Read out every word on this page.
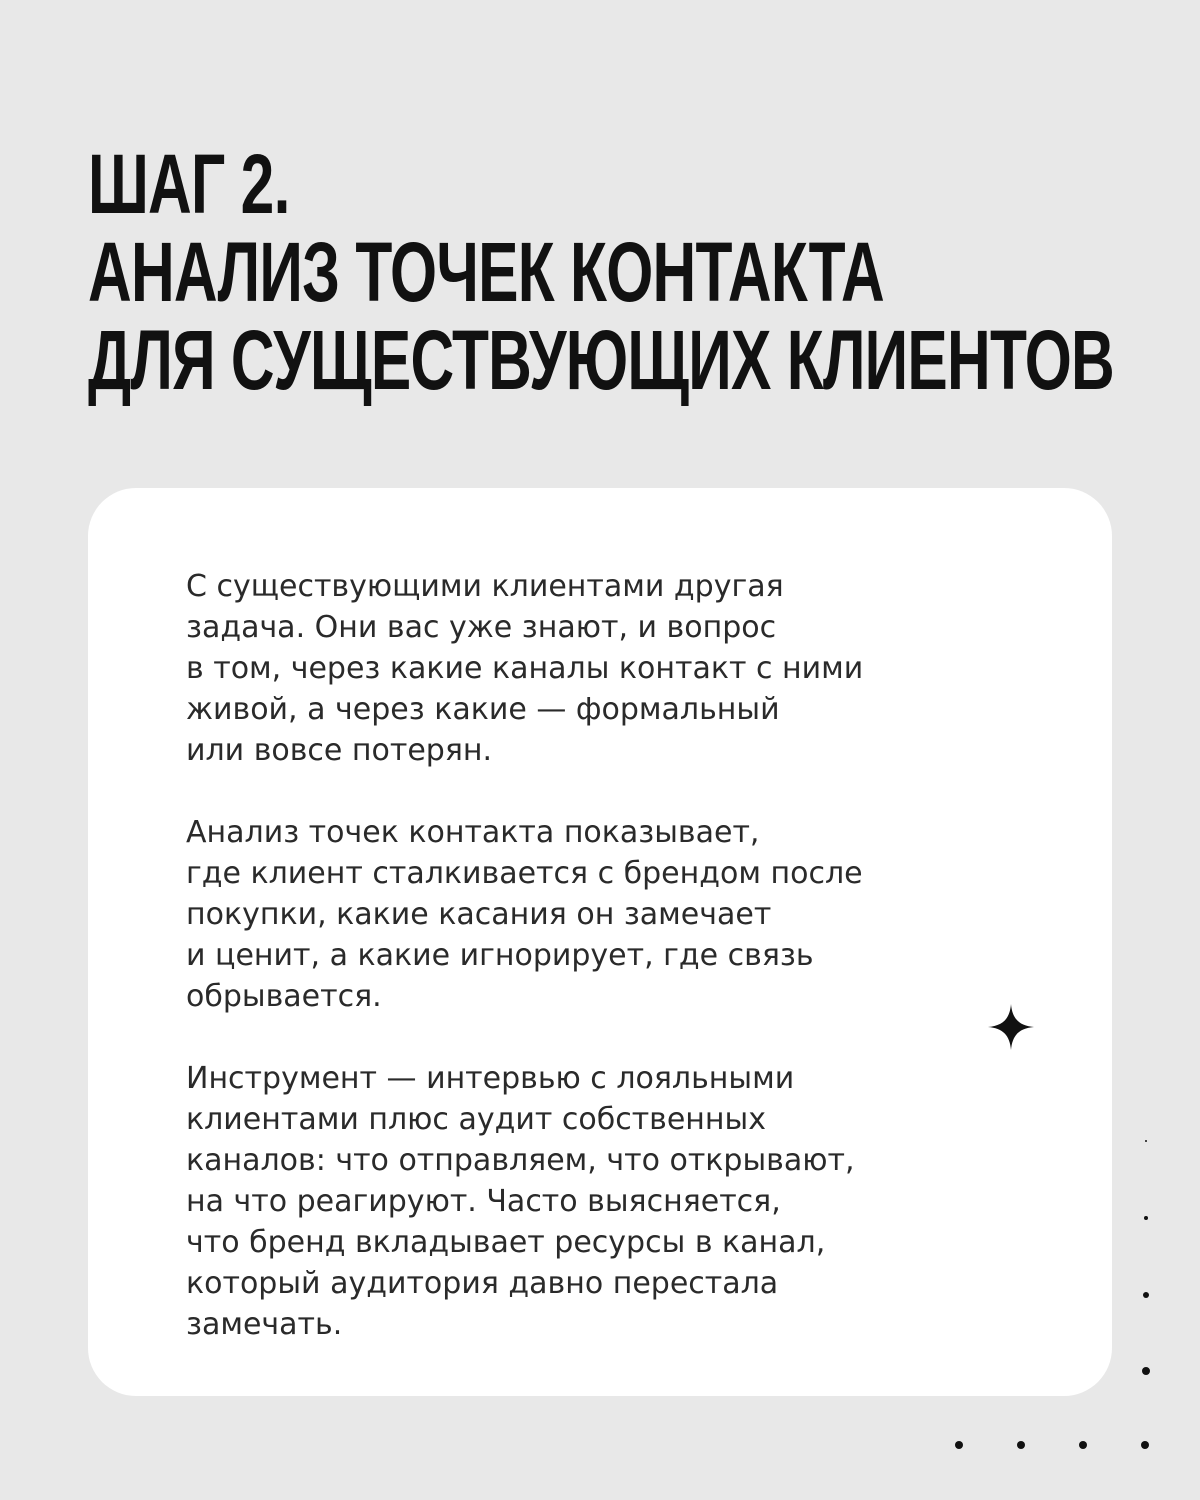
ШАГ 2.
АНАЛИЗ ТОЧЕК КОНТАКТА
ДЛЯ СУЩЕСТВУЮЩИХ КЛИЕНТОВ

С существующими клиентами другая
задача. Они вас уже знают, и вопрос
в том, через какие каналы контакт с ними
живой, а через какие — формальный
или вовсе потерян.

Анализ точек контакта показывает,
где клиент сталкивается с брендом после
покупки, какие касания он замечает
и ценит, а какие игнорирует, где связь
обрывается.

Инструмент — интервью с лояльными
клиентами плюс аудит собственных
каналов: что отправляем, что открывают,
на что реагируют. Часто выясняется,
что бренд вкладывает ресурсы в канал,
который аудитория давно перестала
замечать.
